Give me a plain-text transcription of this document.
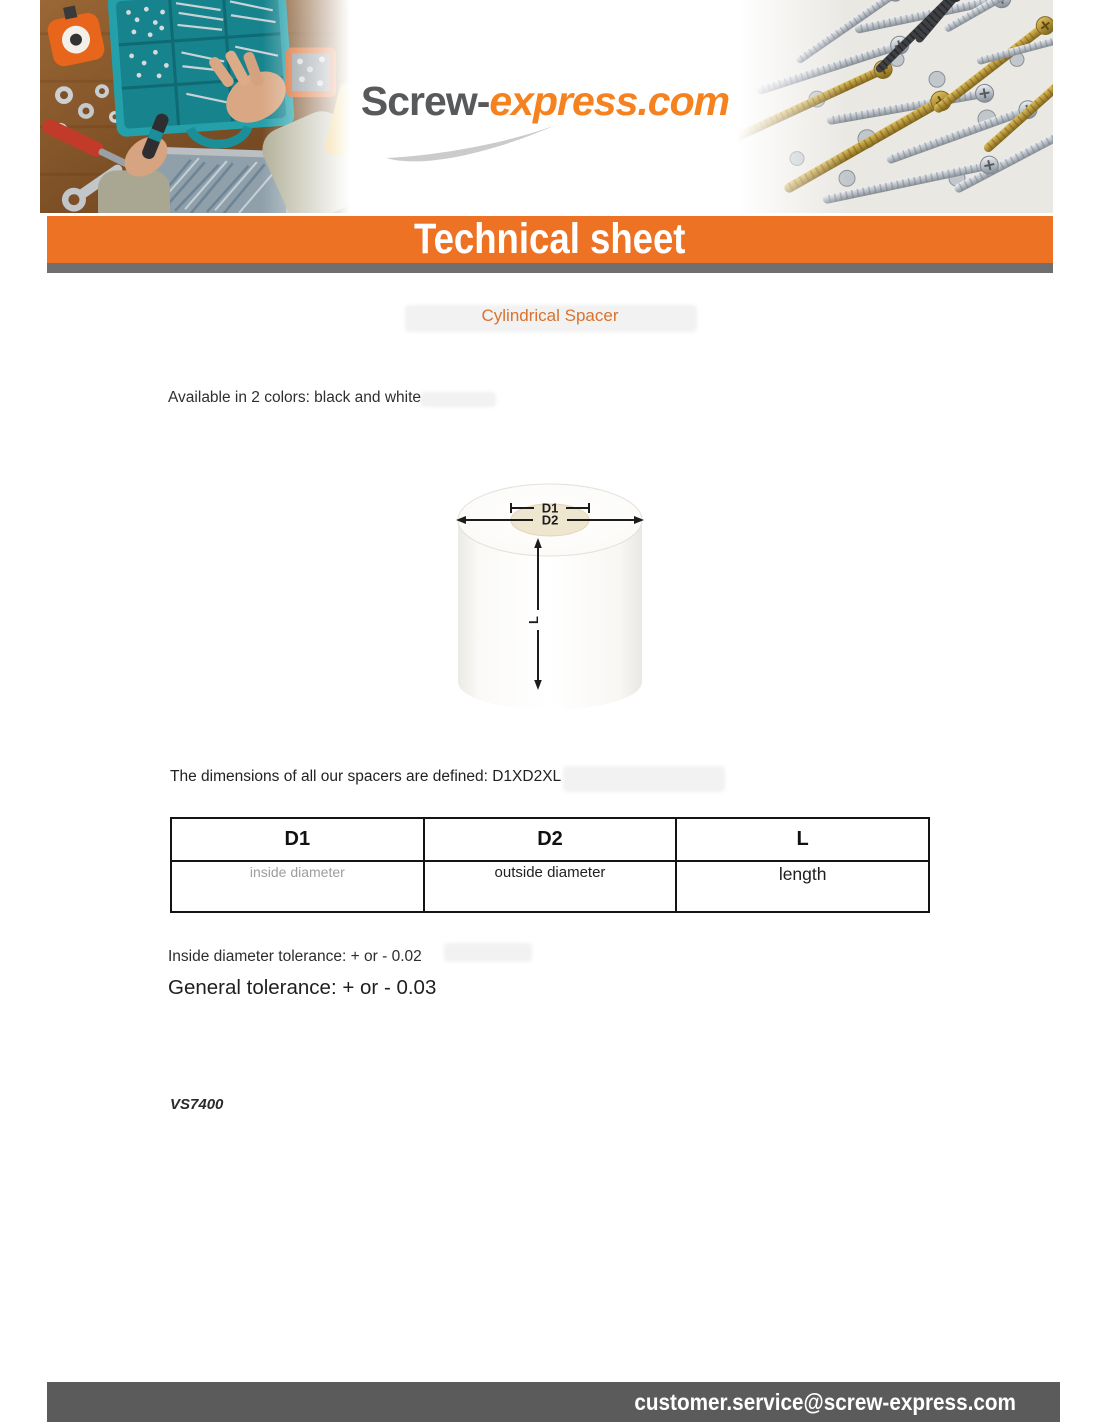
Screw-express.com
Technical sheet
Cylindrical Spacer
Available in 2 colors: black and white
D1
D2
L
The dimensions of all our spacers are defined: D1XD2XL
D1	D2	L
inside diameter	outside diameter	length
Inside diameter tolerance: + or - 0.02
General tolerance: + or - 0.03
VS7400
customer.service@screw-express.com
